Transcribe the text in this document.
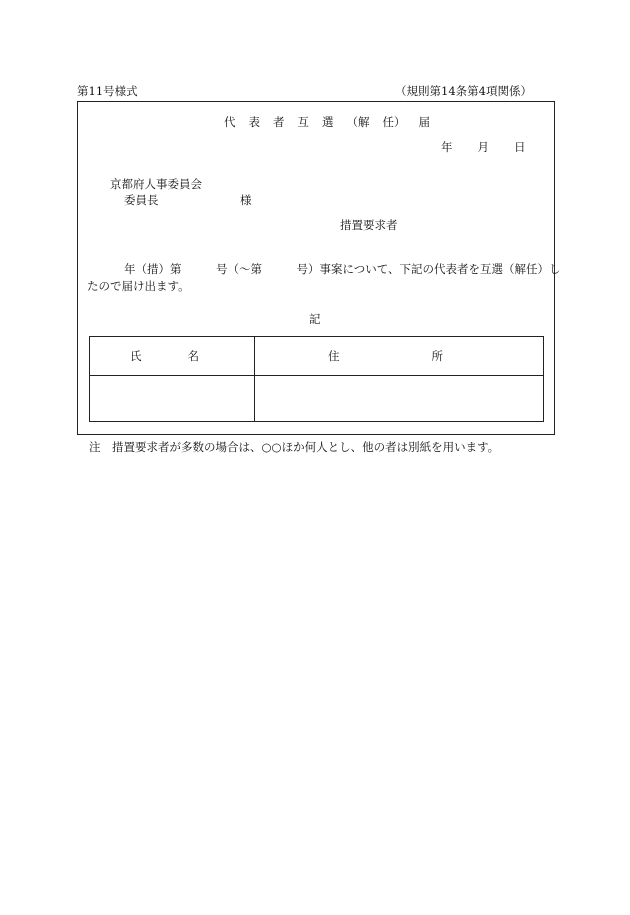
第11号様式	（規則第14条第4項関係）
代 表 者 互 選 （解 任） 届
年 月 日
京都府人事委員会
委員長	様
措置要求者
年（措）第　　　号（～第　　　号）事案について、下記の代表者を互選（解任）し
たので届け出ます。
記
氏　　　　名	住　　　　　　　　所
注　措置要求者が多数の場合は、○○ほか何人とし、他の者は別紙を用います。
